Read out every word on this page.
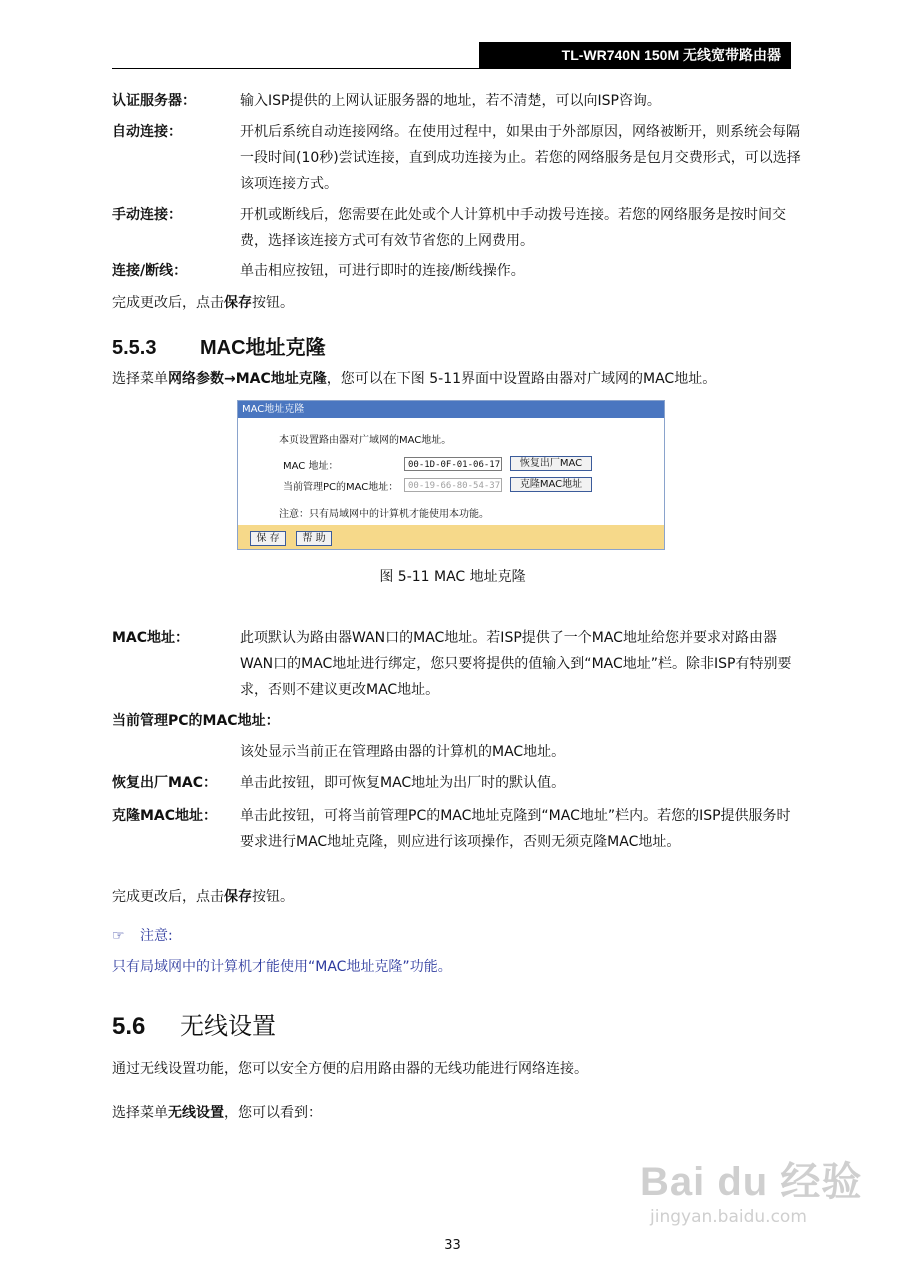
TL-WR740N 150M 无线宽带路由器
认证服务器：	输入ISP提供的上网认证服务器的地址，若不清楚，可以向ISP咨询。
自动连接：	开机后系统自动连接网络。在使用过程中，如果由于外部原因，网络被断开，则系统会每隔一段时间(10秒)尝试连接，直到成功连接为止。若您的网络服务是包月交费形式，可以选择该项连接方式。
手动连接：	开机或断线后，您需要在此处或个人计算机中手动拨号连接。若您的网络服务是按时间交费，选择该连接方式可有效节省您的上网费用。
连接/断线：	单击相应按钮，可进行即时的连接/断线操作。
完成更改后，点击保存按钮。
5.5.3 MAC地址克隆
选择菜单网络参数→MAC地址克隆，您可以在下图 5-11界面中设置路由器对广域网的MAC地址。
MAC地址克隆
本页设置路由器对广域网的MAC地址。
MAC 地址：	00-1D-0F-01-06-17	恢复出厂MAC
当前管理PC的MAC地址：	00-19-66-80-54-37	克隆MAC地址
注意：只有局域网中的计算机才能使用本功能。
保 存	帮 助
图 5-11 MAC 地址克隆
MAC地址：	此项默认为路由器WAN口的MAC地址。若ISP提供了一个MAC地址给您并要求对路由器WAN口的MAC地址进行绑定，您只要将提供的值输入到“MAC地址”栏。除非ISP有特别要求，否则不建议更改MAC地址。
当前管理PC的MAC地址：
该处显示当前正在管理路由器的计算机的MAC地址。
恢复出厂MAC： 单击此按钮，即可恢复MAC地址为出厂时的默认值。
克隆MAC地址： 单击此按钮，可将当前管理PC的MAC地址克隆到“MAC地址”栏内。若您的ISP提供服务时要求进行MAC地址克隆，则应进行该项操作，否则无须克隆MAC地址。
完成更改后，点击保存按钮。
☞ 注意:
只有局域网中的计算机才能使用“MAC地址克隆”功能。
5.6 无线设置
通过无线设置功能，您可以安全方便的启用路由器的无线功能进行网络连接。
选择菜单无线设置，您可以看到：
Bai du 经验
jingyan.baidu.com
33
